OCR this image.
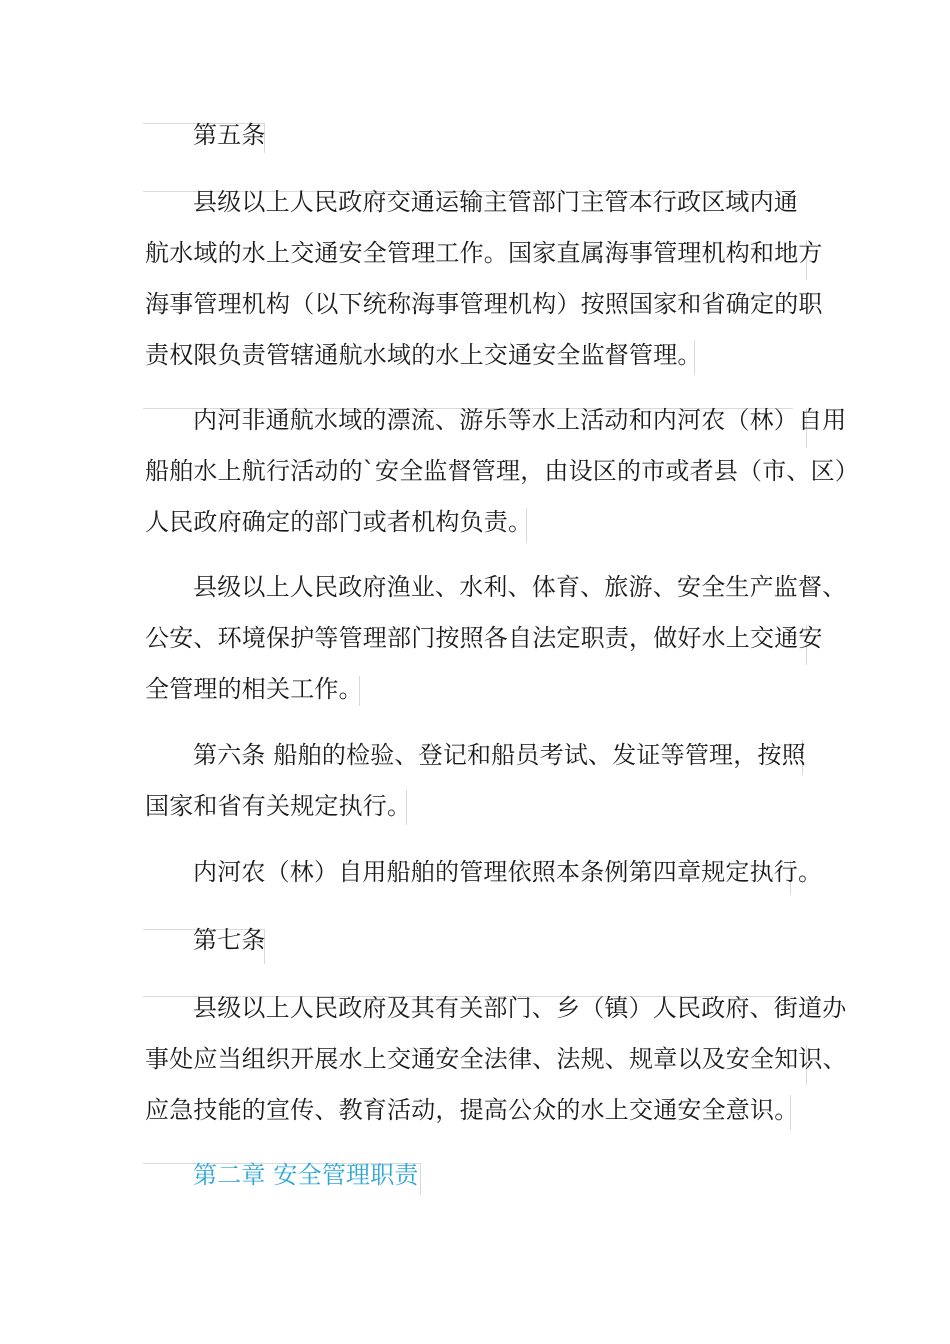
第五条
县级以上人民政府交通运输主管部门主管本行政区域内通
航水域的水上交通安全管理工作。国家直属海事管理机构和地方
海事管理机构（以下统称海事管理机构）按照国家和省确定的职
责权限负责管辖通航水域的水上交通安全监督管理。
内河非通航水域的漂流、游乐等水上活动和内河农（林）自用
船舶水上航行活动的`安全监督管理，由设区的市或者县（市、区）
人民政府确定的部门或者机构负责。
县级以上人民政府渔业、水利、体育、旅游、安全生产监督、
公安、环境保护等管理部门按照各自法定职责，做好水上交通安
全管理的相关工作。
第六条 船舶的检验、登记和船员考试、发证等管理，按照
国家和省有关规定执行。
内河农（林）自用船舶的管理依照本条例第四章规定执行。
第七条
县级以上人民政府及其有关部门、乡（镇）人民政府、街道办
事处应当组织开展水上交通安全法律、法规、规章以及安全知识、
应急技能的宣传、教育活动，提高公众的水上交通安全意识。
第二章 安全管理职责
